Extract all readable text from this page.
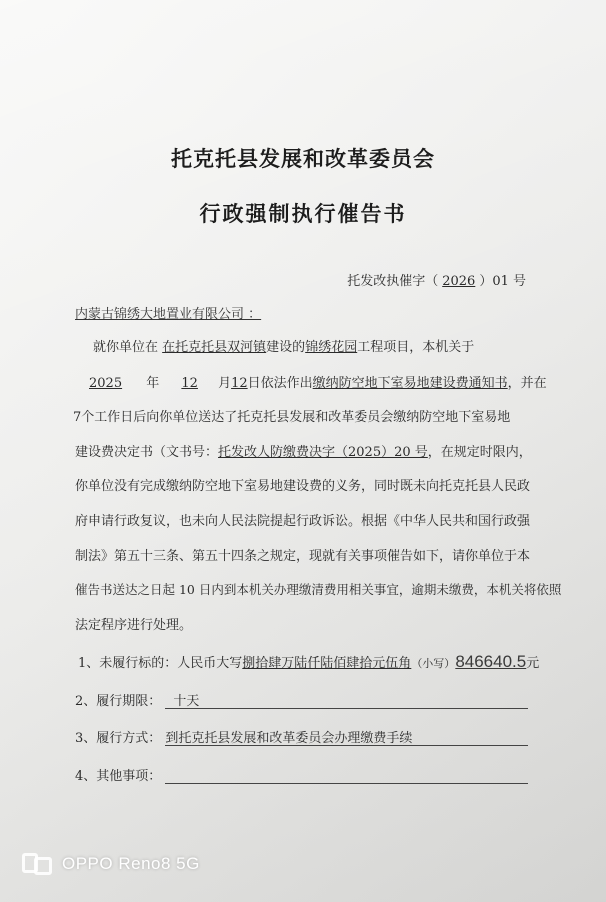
托克托县发展和改革委员会
行政强制执行催告书
托发改执催字（ 2026 ）01 号
内蒙古锦绣大地置业有限公司 ：
就你单位在 在托克托县双河镇建设的锦绣花园工程项目，本机关于
2025 年 12 月12日依法作出缴纳防空地下室易地建设费通知书，并在
7个工作日后向你单位送达了托克托县发展和改革委员会缴纳防空地下室易地
建设费决定书（文书号：托发改人防缴费决字（2025）20 号，在规定时限内，
你单位没有完成缴纳防空地下室易地建设费的义务，同时既未向托克托县人民政
府申请行政复议，也未向人民法院提起行政诉讼。根据《中华人民共和国行政强
制法》第五十三条、第五十四条之规定，现就有关事项催告如下，请你单位于本
催告书送达之日起 10 日内到本机关办理缴清费用相关事宜，逾期未缴费，本机关将依照
法定程序进行处理。
1、未履行标的：人民币大写捌拾肆万陆仟陆佰肆拾元伍角（小写）846640.5元
2、履行期限： 十天
3、履行方式： 到托克托县发展和改革委员会办理缴费手续
4、其他事项：
OPPO Reno8 5G
